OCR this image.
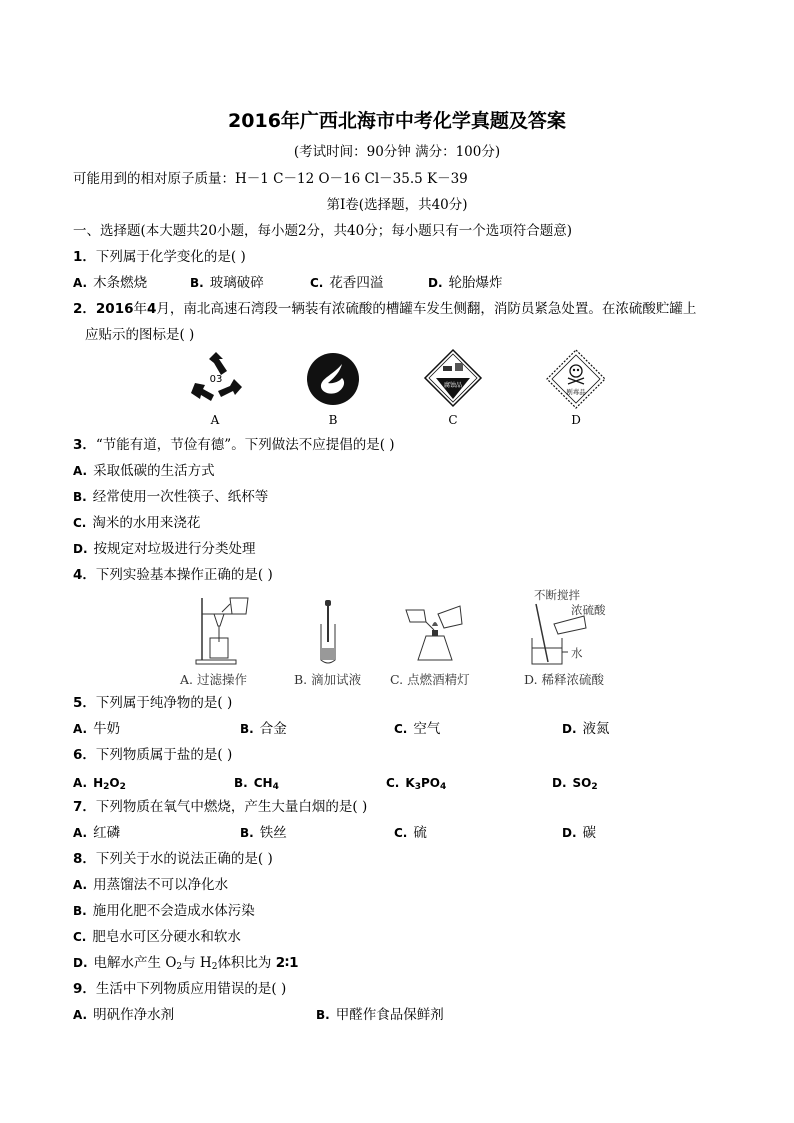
2016年广西北海市中考化学真题及答案
(考试时间：90分钟 满分：100分)
可能用到的相对原子质量：H－1 C－12 O－16 Cl－35.5 K－39
第Ⅰ卷(选择题，共40分)
一、选择题(本大题共20小题，每小题2分，共40分；每小题只有一个选项符合题意)
1．下列属于化学变化的是( )
A. 木条燃烧	B. 玻璃破碎	C. 花香四溢	D. 轮胎爆炸
2．2016年4月，南北高速石湾段一辆装有浓硫酸的槽罐车发生侧翻，消防员紧急处置。在浓硫酸贮罐上
应贴示的图标是( )
03
A	B
腐蚀品
C
剧毒品
D
3．“节能有道，节俭有德”。下列做法不应提倡的是( )
A. 采取低碳的生活方式
B. 经常使用一次性筷子、纸杯等
C. 淘米的水用来浇花
D. 按规定对垃圾进行分类处理
4．下列实验基本操作正确的是( )
A. 过滤操作	B. 滴加试液 C. 点燃酒精灯
不断搅拌
浓硫酸
水
D. 稀释浓硫酸
5．下列属于纯净物的是( )
A. 牛奶	B. 合金	C. 空气	D. 液氮
6．下列物质属于盐的是( )
A. $H_2O_2$	B. $CH_4$	C. $K_3PO_4$	D. $SO_2$
7．下列物质在氧气中燃烧，产生大量白烟的是( )
A. 红磷	B. 铁丝	C. 硫	D. 碳
8．下列关于水的说法正确的是( )
A. 用蒸馏法不可以净化水
B. 施用化肥不会造成水体污染
C. 肥皂水可区分硬水和软水
D. 电解水产生 $O_2$与 $H_2$体积比为 2∶1
9．生活中下列物质应用错误的是( )
A. 明矾作净水剂	B. 甲醛作食品保鲜剂
